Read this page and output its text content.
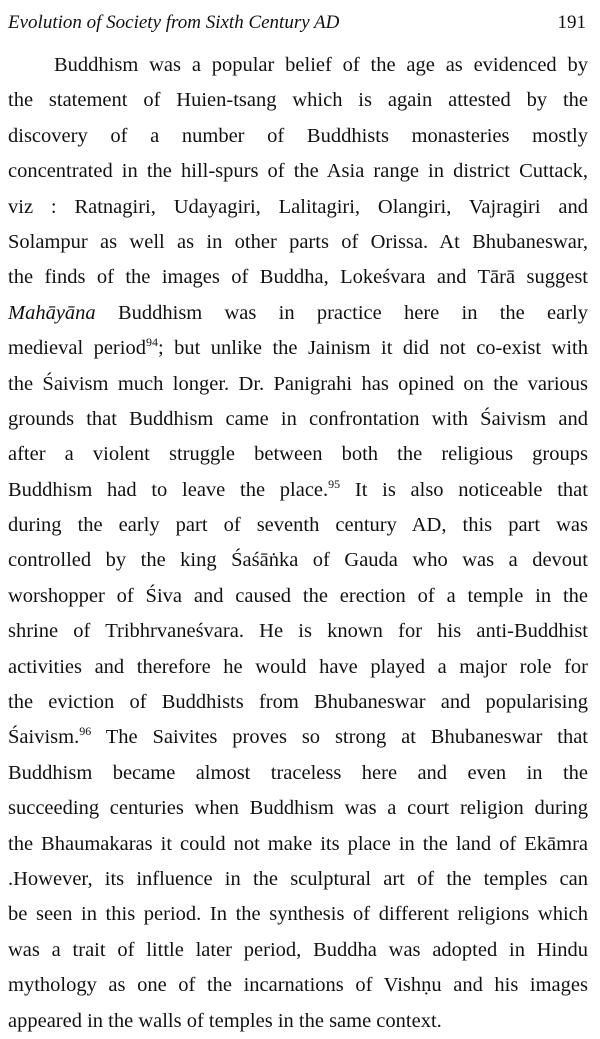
Evolution of Society from Sixth Century AD	191
Buddhism was a popular belief of the age as evidenced by
the statement of Huien-tsang which is again attested by the
discovery of a number of Buddhists monasteries mostly
concentrated in the hill-spurs of the Asia range in district Cuttack,
viz : Ratnagiri, Udayagiri, Lalitagiri, Olangiri, Vajragiri and
Solampur as well as in other parts of Orissa. At Bhubaneswar,
the finds of the images of Buddha, Lokeśvara and Tārā suggest
Mahāyāna Buddhism was in practice here in the early
medieval period$^{94}$; but unlike the Jainism it did not co-exist with
the Śaivism much longer. Dr. Panigrahi has opined on the various
grounds that Buddhism came in confrontation with Śaivism and
after a violent struggle between both the religious groups
Buddhism had to leave the place.$^{95}$ It is also noticeable that
during the early part of seventh century AD, this part was
controlled by the king Śaśāṅka of Gauda who was a devout
worshopper of Śiva and caused the erection of a temple in the
shrine of Tribhrvaneśvara. He is known for his anti-Buddhist
activities and therefore he would have played a major role for
the eviction of Buddhists from Bhubaneswar and popularising
Śaivism.$^{96}$ The Saivites proves so strong at Bhubaneswar that
Buddhism became almost traceless here and even in the
succeeding centuries when Buddhism was a court religion during
the Bhaumakaras it could not make its place in the land of Ekāmra
.However, its influence in the sculptural art of the temples can
be seen in this period. In the synthesis of different religions which
was a trait of little later period, Buddha was adopted in Hindu
mythology as one of the incarnations of Vishṇu and his images
appeared in the walls of temples in the same context.
